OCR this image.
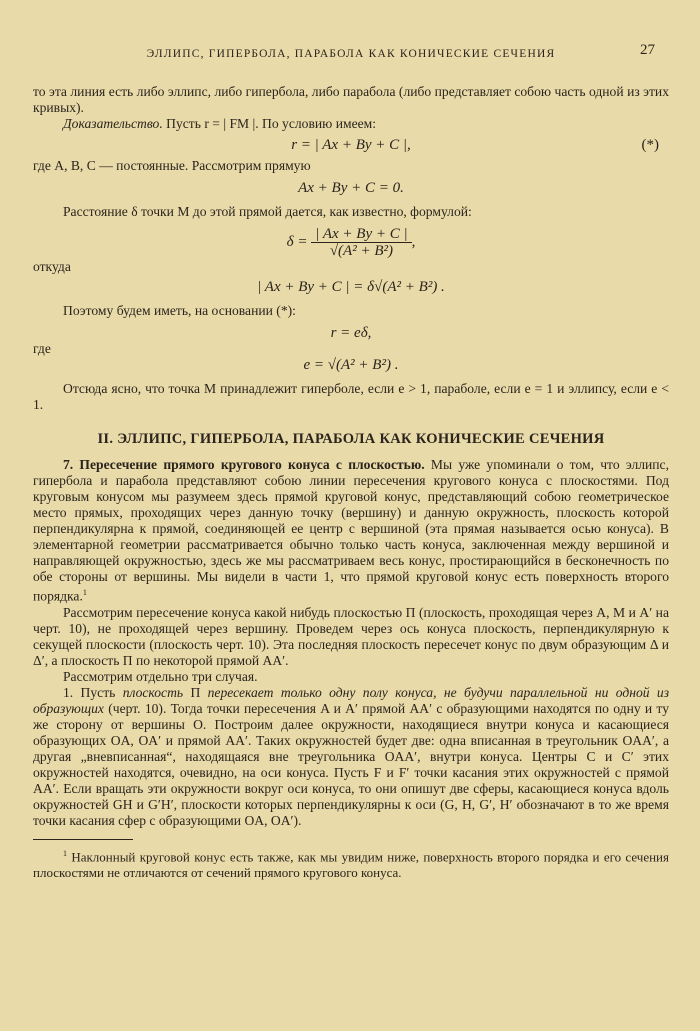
ЭЛЛИПС, ГИПЕРБОЛА, ПАРАБОЛА КАК КОНИЧЕСКИЕ СЕЧЕНИЯ	27

то эта линия есть либо эллипс, либо гипербола, либо парабола (либо представляет собою часть одной из этих кривых).

Доказательство. Пусть r = | FM |. По условию имеем:

r = | Ax + By + C |,	(*)

где A, B, C — постоянные. Рассмотрим прямую

Ax + By + C = 0.

Расстояние δ точки M до этой прямой дается, как известно, формулой:

$\delta = \frac{| Ax + By + C |}{\text{√(A² + B²)}}$ ,

откуда

| Ax + By + C | = δ√(A² + B²) .

Поэтому будем иметь, на основании (*):

r = eδ,

где

e = √(A² + B²) .

Отсюда ясно, что точка M принадлежит гиперболе, если e > 1, параболе, если e = 1 и эллипсу, если e < 1.

II. ЭЛЛИПС, ГИПЕРБОЛА, ПАРАБОЛА КАК КОНИЧЕСКИЕ СЕЧЕНИЯ

7. Пересечение прямого кругового конуса с плоскостью. Мы уже упоминали о том, что эллипс, гипербола и парабола представляют собою линии пересечения кругового конуса с плоскостями. Под круговым конусом мы разумеем здесь прямой круговой конус, представляющий собою геометрическое место прямых, проходящих через данную точку (вершину) и данную окружность, плоскость которой перпендикулярна к прямой, соединяющей ее центр с вершиной (эта прямая называется осью конуса). В элементарной геометрии рассматривается обычно только часть конуса, заключенная между вершиной и направляющей окружностью, здесь же мы рассматриваем весь конус, простирающийся в бесконечность по обе стороны от вершины. Мы видели в части 1, что прямой круговой конус есть поверхность второго порядка.$^1$

Рассмотрим пересечение конуса какой нибудь плоскостью П (плоскость, проходящая через A, M и A′ на черт. 10), не проходящей через вершину. Проведем через ось конуса плоскость, перпендикулярную к секущей плоскости (плоскость черт. 10). Эта последняя плоскость пересечет конус по двум образующим Δ и Δ′, а плоскость П по некоторой прямой AA′.

Рассмотрим отдельно три случая.

1. Пусть плоскость П пересекает только одну полу конуса, не будучи параллельной ни одной из образующих (черт. 10). Тогда точки пересечения A и A′ прямой AA′ с образующими находятся по одну и ту же сторону от вершины O. Построим далее окружности, находящиеся внутри конуса и касающиеся образующих OA, OA′ и прямой AA′. Таких окружностей будет две: одна вписанная в треугольник OAA′, а другая „вневписанная“, находящаяся вне треугольника OAA′, внутри конуса. Центры C и C′ этих окружностей находятся, очевидно, на оси конуса. Пусть F и F′ точки касания этих окружностей с прямой AA′. Если вращать эти окружности вокруг оси конуса, то они опишут две сферы, касающиеся конуса вдоль окружностей GH и G′H′, плоскости которых перпендикулярны к оси (G, H, G′, H′ обозначают в то же время точки касания сфер с образующими OA, OA′).

$^1$ Наклонный круговой конус есть также, как мы увидим ниже, поверхность второго порядка и его сечения плоскостями не отличаются от сечений прямого кругового конуса.
